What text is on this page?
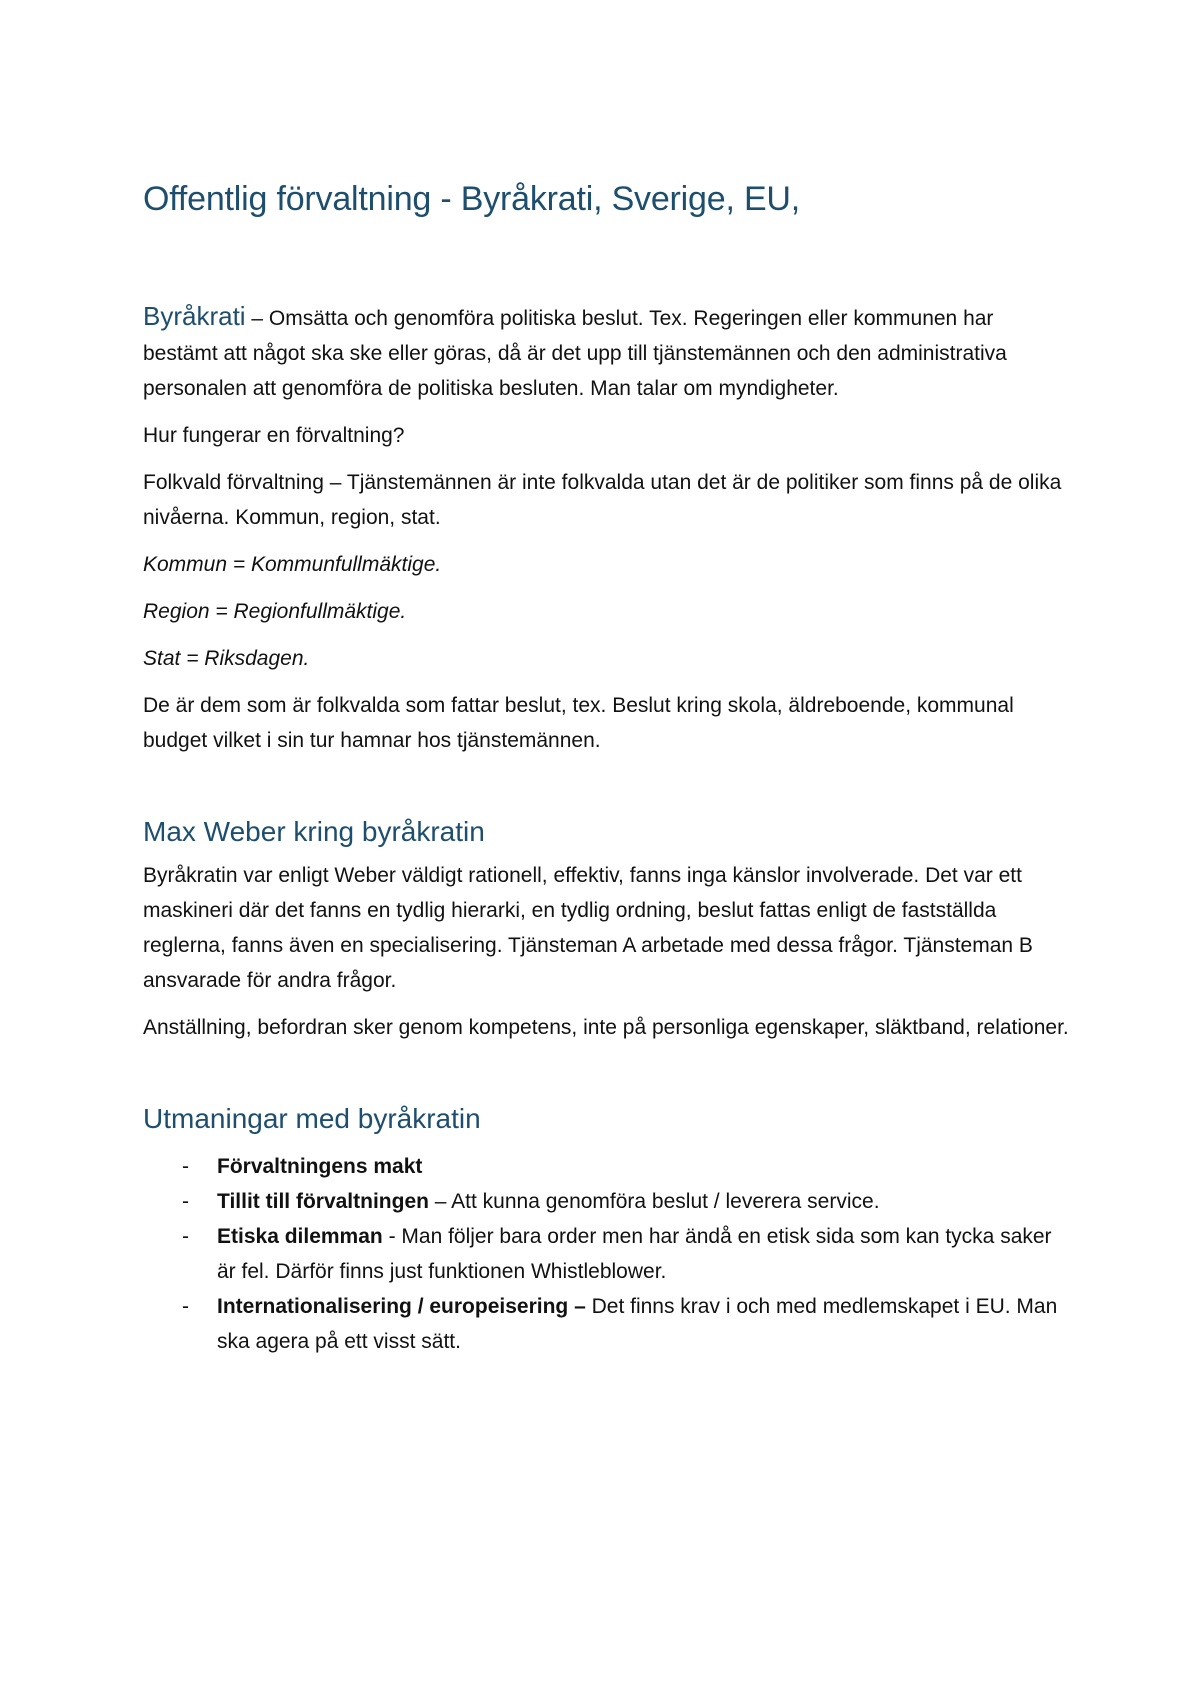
Offentlig förvaltning - Byråkrati, Sverige, EU,

Byråkrati – Omsätta och genomföra politiska beslut. Tex. Regeringen eller kommunen har bestämt att något ska ske eller göras, då är det upp till tjänstemännen och den administrativa personalen att genomföra de politiska besluten. Man talar om myndigheter.

Hur fungerar en förvaltning?

Folkvald förvaltning – Tjänstemännen är inte folkvalda utan det är de politiker som finns på de olika nivåerna. Kommun, region, stat.

Kommun = Kommunfullmäktige.

Region = Regionfullmäktige.

Stat = Riksdagen.

De är dem som är folkvalda som fattar beslut, tex. Beslut kring skola, äldreboende, kommunal budget vilket i sin tur hamnar hos tjänstemännen.

Max Weber kring byråkratin

Byråkratin var enligt Weber väldigt rationell, effektiv, fanns inga känslor involverade. Det var ett maskineri där det fanns en tydlig hierarki, en tydlig ordning, beslut fattas enligt de fastställda reglerna, fanns även en specialisering. Tjänsteman A arbetade med dessa frågor. Tjänsteman B ansvarade för andra frågor.

Anställning, befordran sker genom kompetens, inte på personliga egenskaper, släktband, relationer.

Utmaningar med byråkratin
- Förvaltningens makt
- Tillit till förvaltningen – Att kunna genomföra beslut / leverera service.
- Etiska dilemman - Man följer bara order men har ändå en etisk sida som kan tycka saker är fel. Därför finns just funktionen Whistleblower.
- Internationalisering / europeisering – Det finns krav i och med medlemskapet i EU. Man ska agera på ett visst sätt.
